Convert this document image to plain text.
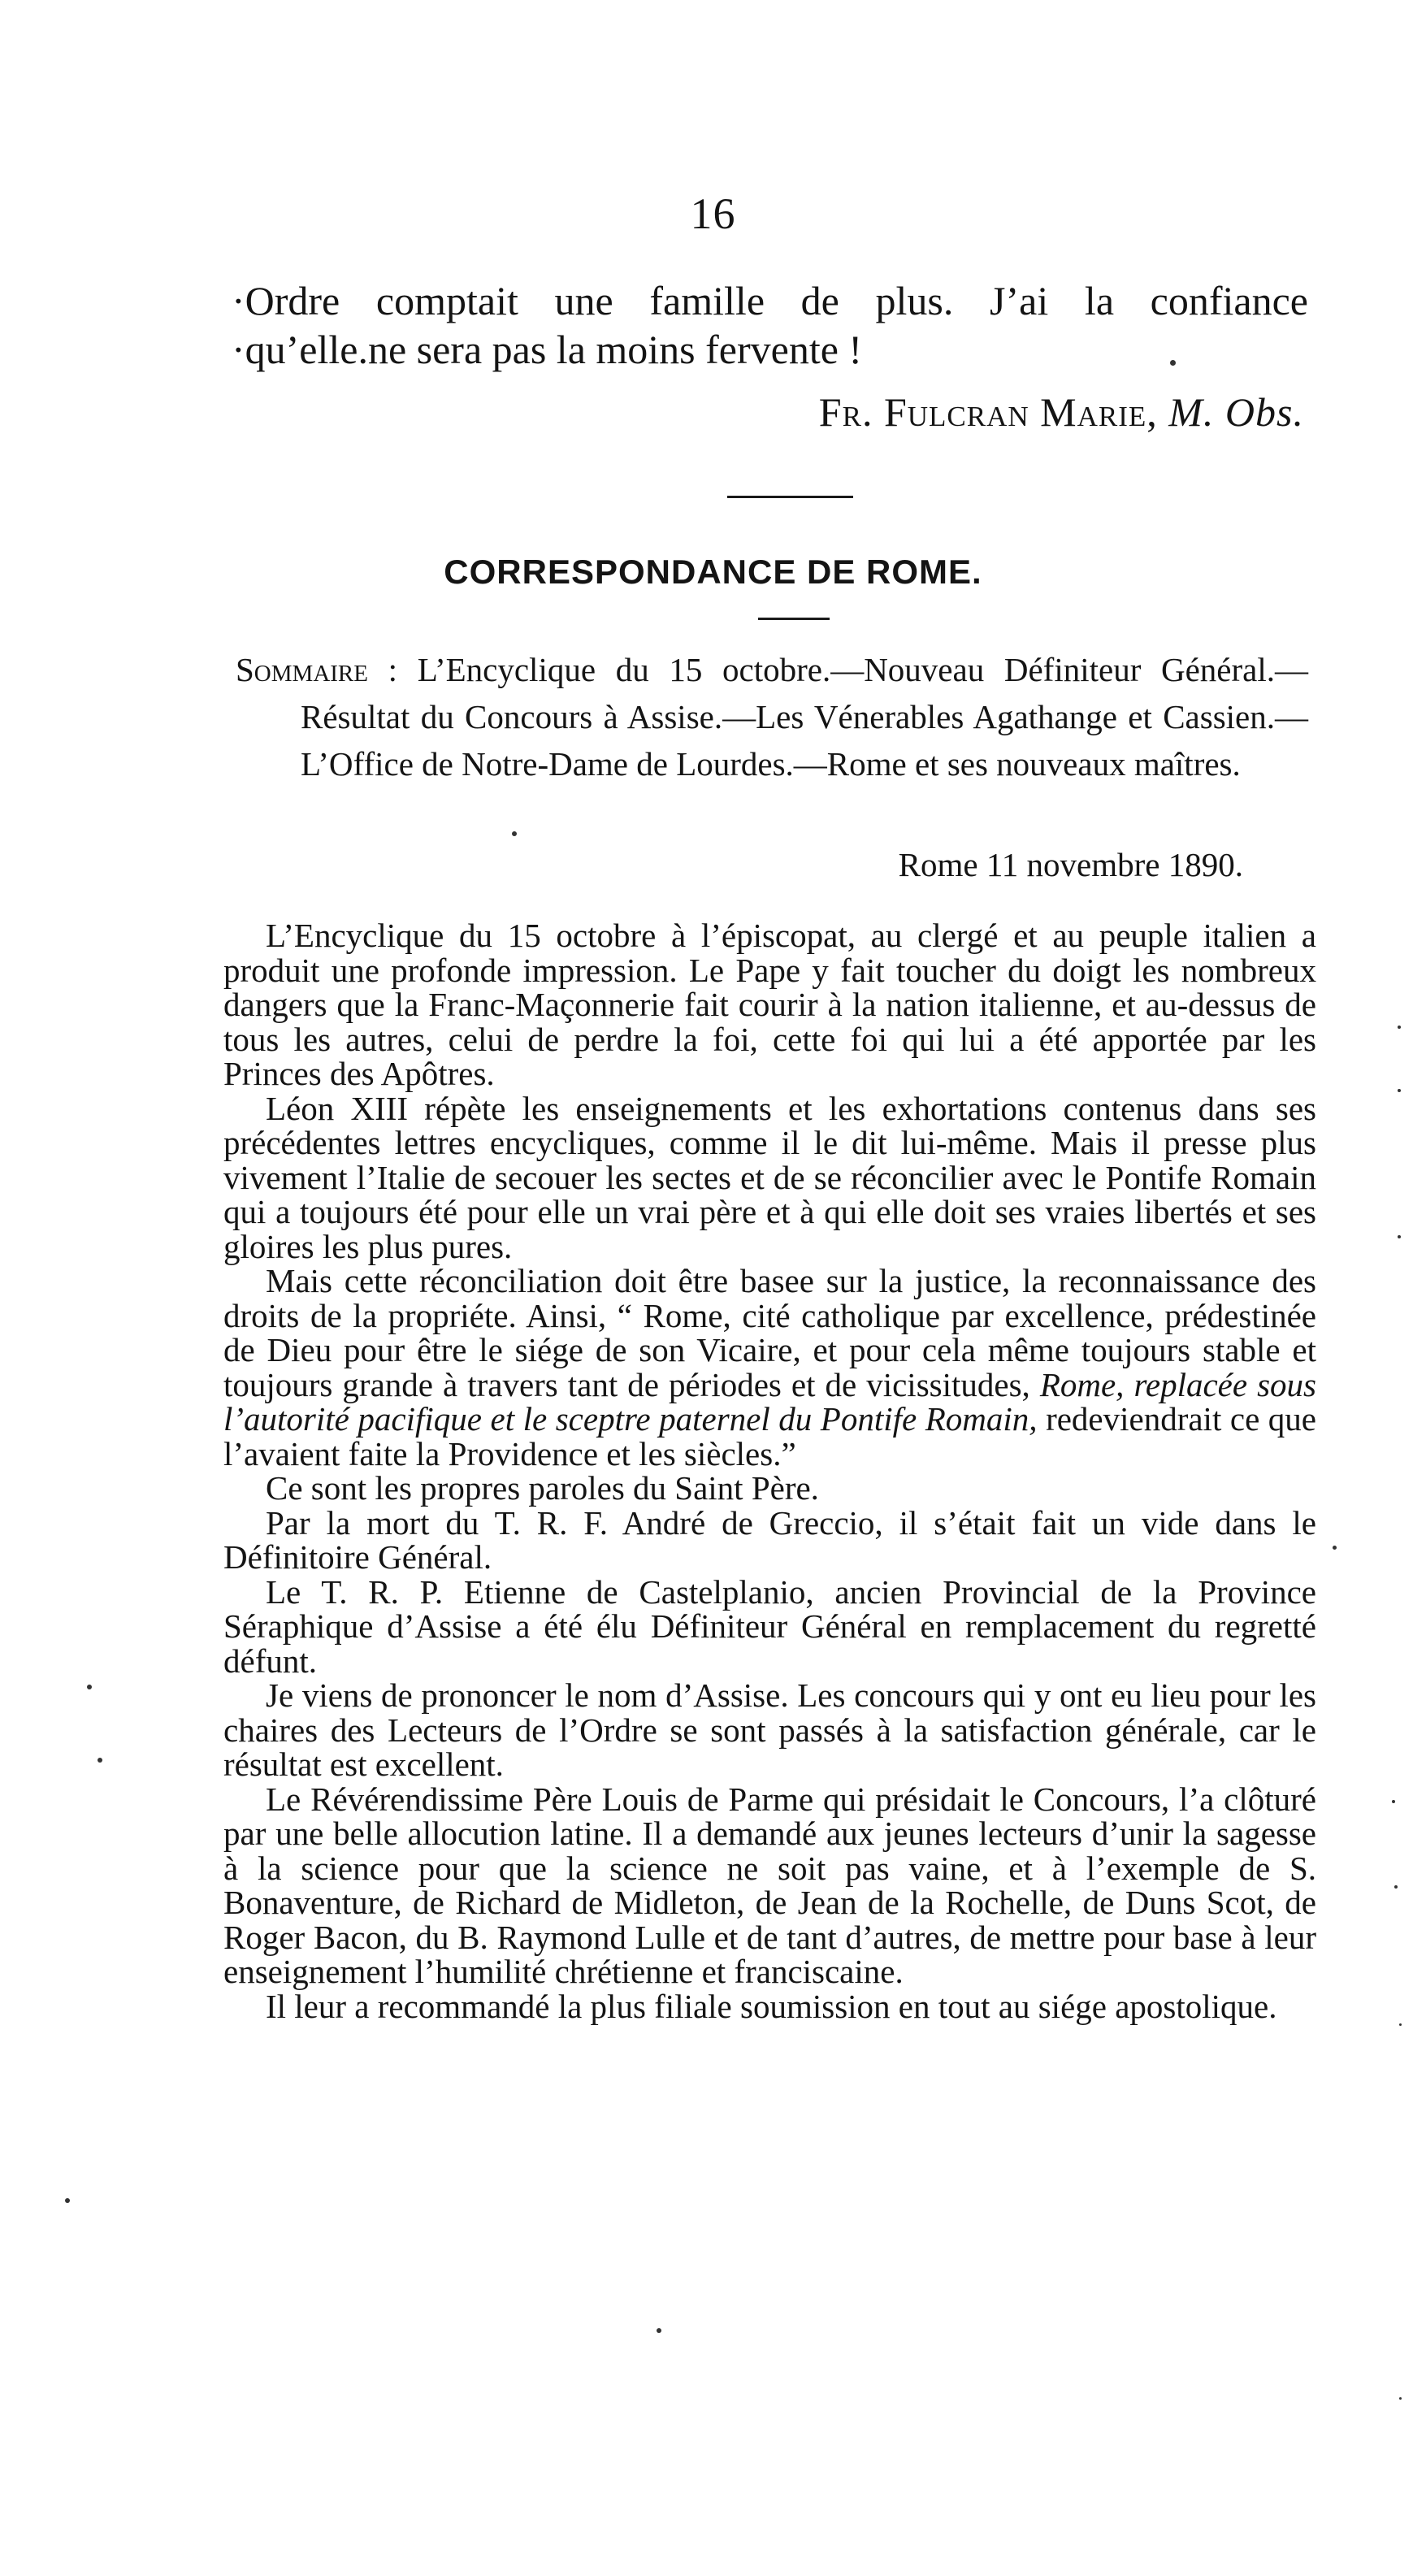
16

·Ordre comptait une famille de plus. J’ai la confiance

·qu’elle.ne sera pas la moins fervente !

Fr. Fulcran Marie, M. Obs.
CORRESPONDANCE DE ROME.
Sommaire : L’Encyclique du 15 octobre.—Nouveau Définiteur Général.—Résultat du Concours à Assise.—Les Vénerables Agathange et Cassien.—L’Office de Notre-Dame de Lourdes.—Rome et ses nouveaux maîtres.
Rome 11 novembre 1890.

L’Encyclique du 15 octobre à l’épiscopat, au clergé et au peuple italien a produit une profonde impression. Le Pape y fait toucher du doigt les nombreux dangers que la Franc-Maçonnerie fait courir à la nation italienne, et au-dessus de tous les autres, celui de perdre la foi, cette foi qui lui a été apportée par les Princes des Apôtres.

Léon XIII répète les enseignements et les exhortations contenus dans ses précédentes lettres encycliques, comme il le dit lui-même. Mais il presse plus vivement l’Italie de secouer les sectes et de se réconcilier avec le Pontife Romain qui a toujours été pour elle un vrai père et à qui elle doit ses vraies libertés et ses gloires les plus pures.

Mais cette réconciliation doit être basee sur la justice, la reconnaissance des droits de la propriéte. Ainsi, “ Rome, cité catholique par excellence, prédestinée de Dieu pour être le siége de son Vicaire, et pour cela même toujours stable et toujours grande à travers tant de périodes et de vicissitudes, Rome, replacée sous l’autorité pacifique et le sceptre paternel du Pontife Romain, redeviendrait ce que l’avaient faite la Providence et les siècles.”

Ce sont les propres paroles du Saint Père.

Par la mort du T. R. F. André de Greccio, il s’était fait un vide dans le Définitoire Général.

Le T. R. P. Etienne de Castelplanio, ancien Provincial de la Province Séraphique d’Assise a été élu Définiteur Général en remplacement du regretté défunt.

Je viens de prononcer le nom d’Assise. Les concours qui y ont eu lieu pour les chaires des Lecteurs de l’Ordre se sont passés à la satisfaction générale, car le résultat est excellent.

Le Révérendissime Père Louis de Parme qui présidait le Concours, l’a clôturé par une belle allocution latine. Il a demandé aux jeunes lecteurs d’unir la sagesse à la science pour que la science ne soit pas vaine, et à l’exemple de S. Bonaventure, de Richard de Midleton, de Jean de la Rochelle, de Duns Scot, de Roger Bacon, du B. Raymond Lulle et de tant d’autres, de mettre pour base à leur enseignement l’humilité chrétienne et franciscaine.

Il leur a recommandé la plus filiale soumission en tout au siége apostolique.
